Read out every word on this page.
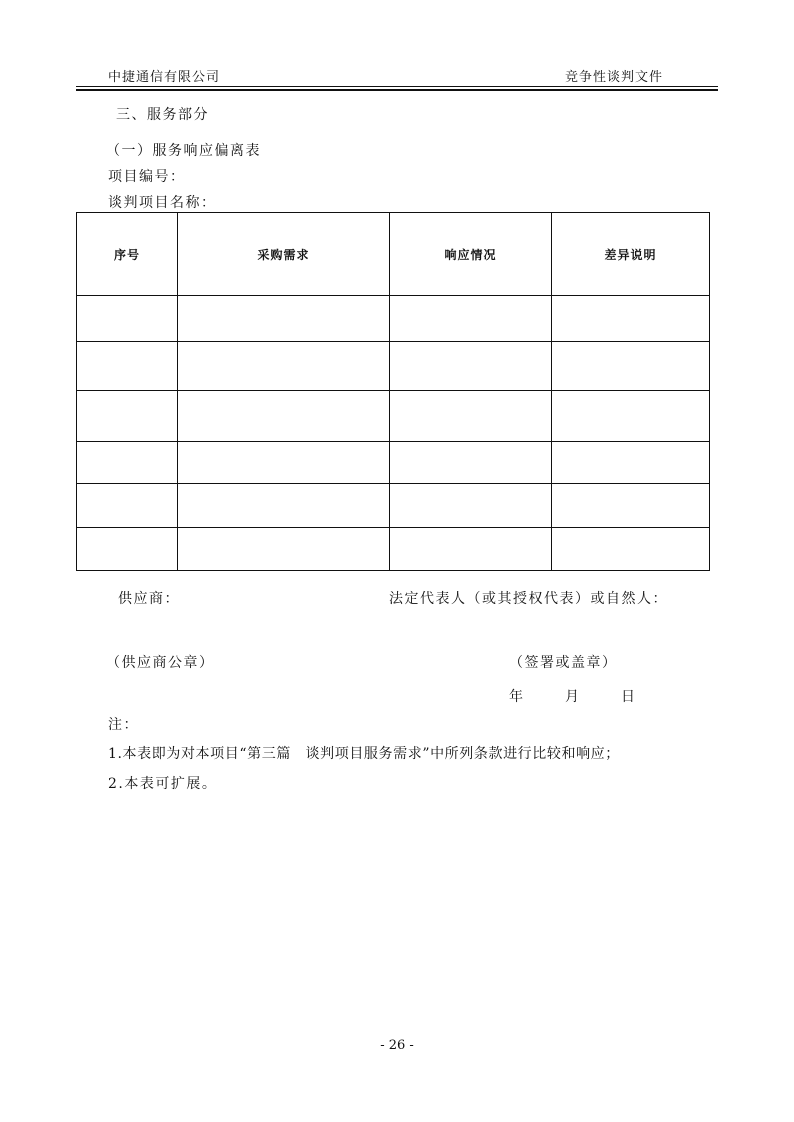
中捷通信有限公司	竞争性谈判文件
三、服务部分
（一）服务响应偏离表
项目编号：
谈判项目名称：
序号	采购需求	响应情况	差异说明

供应商：	法定代表人（或其授权代表）或自然人：
（供应商公章）	（签署或盖章）
年	月	日
注：
1.本表即为对本项目“第三篇　谈判项目服务需求”中所列条款进行比较和响应；
2.本表可扩展。
- 26 -
